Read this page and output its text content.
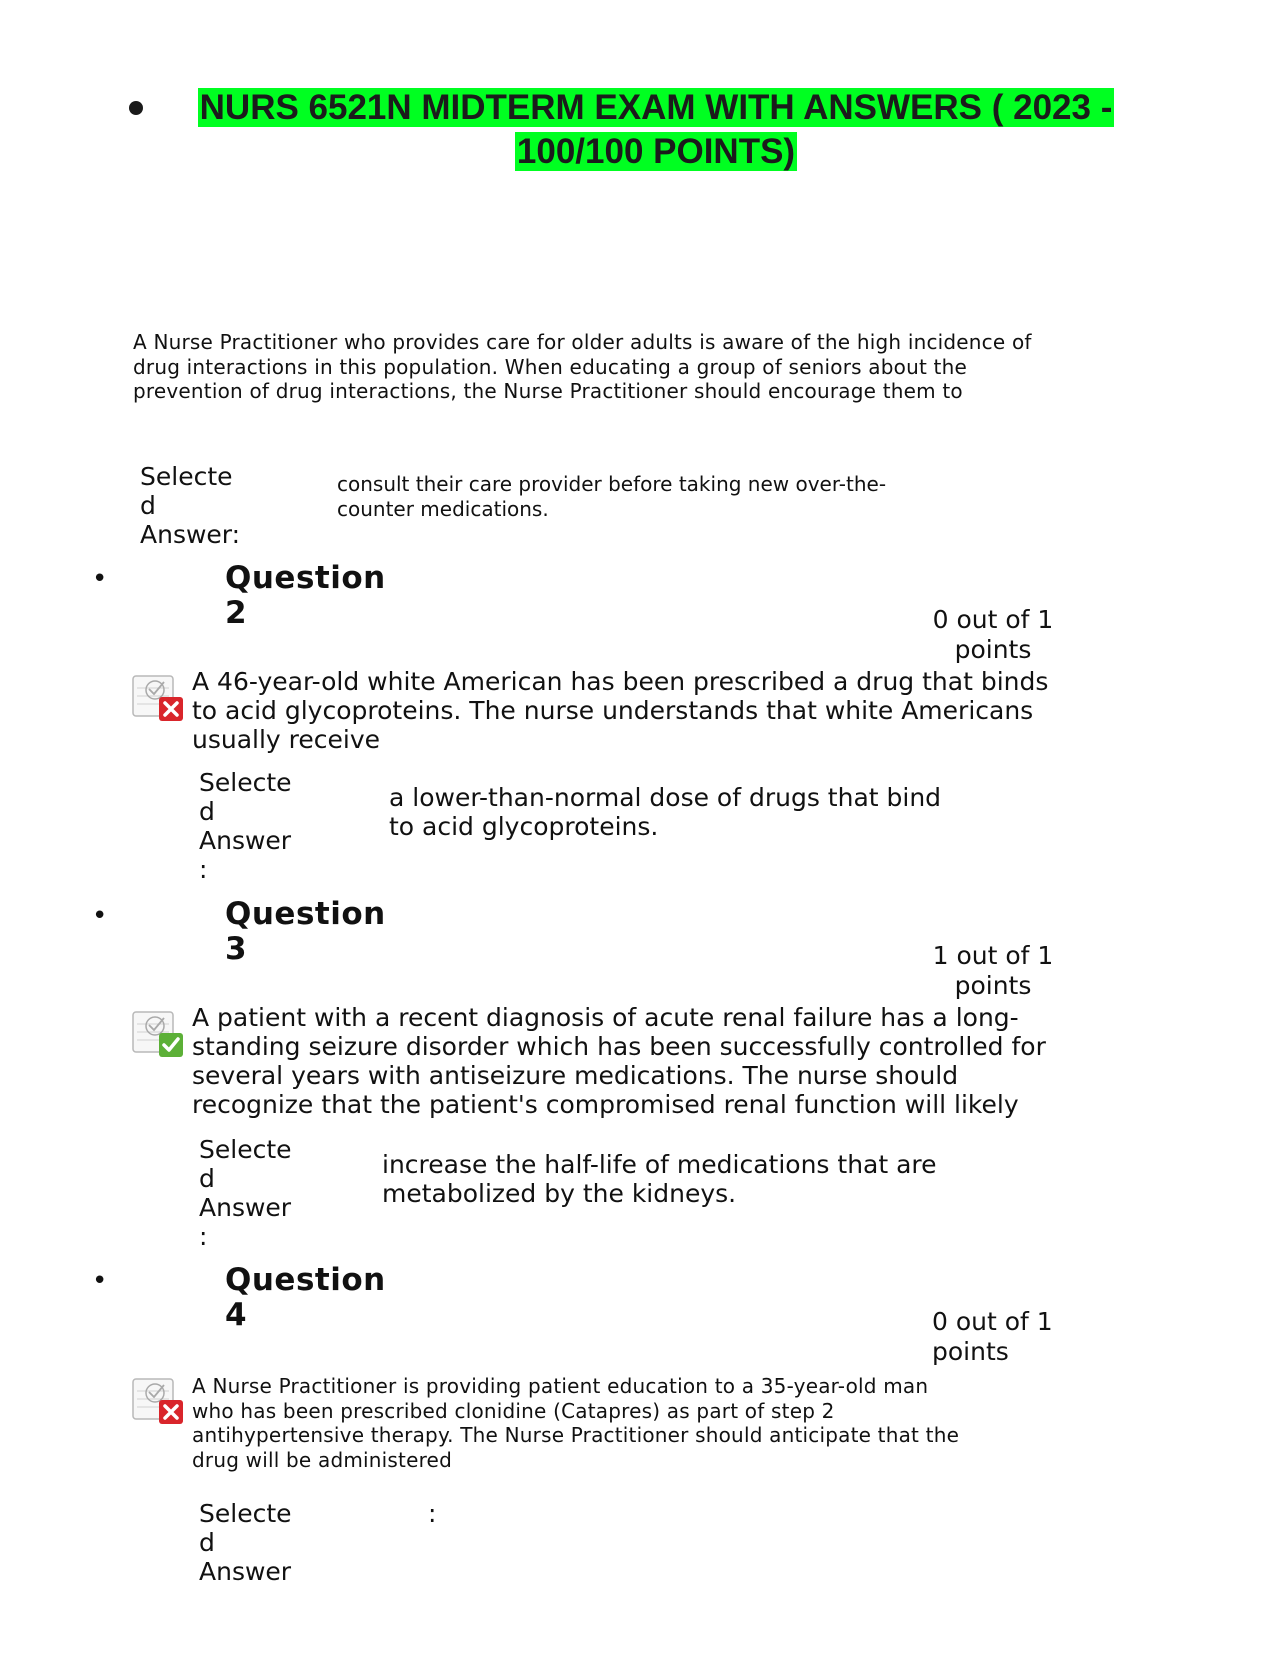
NURS 6521N MIDTERM EXAM WITH ANSWERS ( 2023 -
100/100 POINTS)
A Nurse Practitioner who provides care for older adults is aware of the high incidence of drug interactions in this population. When educating a group of seniors about the prevention of drug interactions, the Nurse Practitioner should encourage them to
Selecte
d
Answer:
consult their care provider before taking new over-the-
counter medications.
•	Question
2	0 out of 1
points
A 46-year-old white American has been prescribed a drug that binds
to acid glycoproteins. The nurse understands that white Americans
usually receive
Selecte
d
Answer
:
a lower-than-normal dose of drugs that bind
to acid glycoproteins.
•	Question
3	1 out of 1
points
A patient with a recent diagnosis of acute renal failure has a long-
standing seizure disorder which has been successfully controlled for
several years with antiseizure medications. The nurse should
recognize that the patient's compromised renal function will likely
Selecte
d
Answer
:
increase the half-life of medications that are
metabolized by the kidneys.
•	Question
4	0 out of 1
points
A Nurse Practitioner is providing patient education to a 35-year-old man
who has been prescribed clonidine (Catapres) as part of step 2
antihypertensive therapy. The Nurse Practitioner should anticipate that the
drug will be administered
Selecte
d
Answer
:
